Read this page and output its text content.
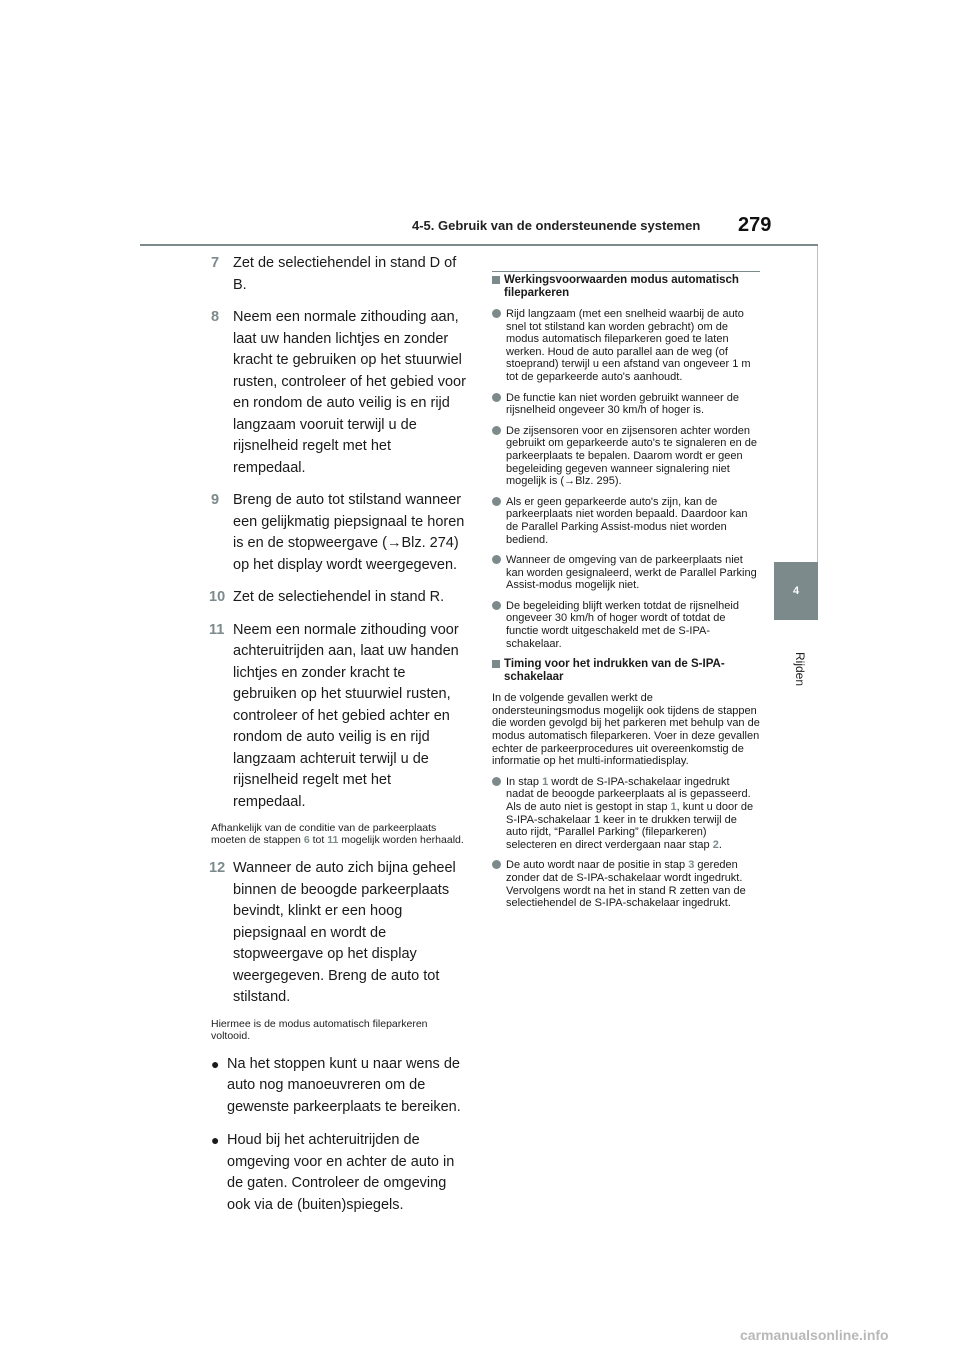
4-5. Gebruik van de ondersteunende systemen 279
4
Rijden
7 Zet de selectiehendel in stand D of B.
8 Neem een normale zithouding aan, laat uw handen lichtjes en zonder kracht te gebruiken op het stuurwiel rusten, controleer of het gebied voor en rondom de auto veilig is en rijd langzaam vooruit terwijl u de rijsnelheid regelt met het rempedaal.
9 Breng de auto tot stilstand wanneer een gelijkmatig piepsignaal te horen is en de stopweergave (→Blz. 274) op het display wordt weergegeven.
10 Zet de selectiehendel in stand R.
11 Neem een normale zithouding voor achteruitrijden aan, laat uw handen lichtjes en zonder kracht te gebruiken op het stuurwiel rusten, controleer of het gebied achter en rondom de auto veilig is en rijd langzaam achteruit terwijl u de rijsnelheid regelt met het rempedaal.
Afhankelijk van de conditie van de parkeerplaats moeten de stappen 6 tot 11 mogelijk worden herhaald.
12 Wanneer de auto zich bijna geheel binnen de beoogde parkeerplaats bevindt, klinkt er een hoog piepsignaal en wordt de stopweergave op het display weergegeven. Breng de auto tot stilstand.
Hiermee is de modus automatisch fileparkeren voltooid.
● Na het stoppen kunt u naar wens de auto nog manoeuvreren om de gewenste parkeerplaats te bereiken.
● Houd bij het achteruitrijden de omgeving voor en achter de auto in de gaten. Controleer de omgeving ook via de (buiten)spiegels.
Werkingsvoorwaarden modus automatisch fileparkeren
Rijd langzaam (met een snelheid waarbij de auto snel tot stilstand kan worden gebracht) om de modus automatisch fileparkeren goed te laten werken. Houd de auto parallel aan de weg (of stoeprand) terwijl u een afstand van ongeveer 1 m tot de geparkeerde auto's aanhoudt.
De functie kan niet worden gebruikt wanneer de rijsnelheid ongeveer 30 km/h of hoger is.
De zijsensoren voor en zijsensoren achter worden gebruikt om geparkeerde auto's te signaleren en de parkeerplaats te bepalen. Daarom wordt er geen begeleiding gegeven wanneer signalering niet mogelijk is (→Blz. 295).
Als er geen geparkeerde auto's zijn, kan de parkeerplaats niet worden bepaald. Daardoor kan de Parallel Parking Assist-modus niet worden bediend.
Wanneer de omgeving van de parkeerplaats niet kan worden gesignaleerd, werkt de Parallel Parking Assist-modus mogelijk niet.
De begeleiding blijft werken totdat de rijsnelheid ongeveer 30 km/h of hoger wordt of totdat de functie wordt uitgeschakeld met de S-IPA-schakelaar.
Timing voor het indrukken van de S-IPA-schakelaar
In de volgende gevallen werkt de ondersteuningsmodus mogelijk ook tijdens de stappen die worden gevolgd bij het parkeren met behulp van de modus automatisch fileparkeren. Voer in deze gevallen echter de parkeerprocedures uit overeenkomstig de informatie op het multi-informatiedisplay.
In stap 1 wordt de S-IPA-schakelaar ingedrukt nadat de beoogde parkeerplaats al is gepasseerd.
Als de auto niet is gestopt in stap 1, kunt u door de S-IPA-schakelaar 1 keer in te drukken terwijl de auto rijdt, “Parallel Parking” (fileparkeren) selecteren en direct verdergaan naar stap 2.
De auto wordt naar de positie in stap 3 gereden zonder dat de S-IPA-schakelaar wordt ingedrukt. Vervolgens wordt na het in stand R zetten van de selectiehendel de S-IPA-schakelaar ingedrukt.
carmanualsonline.info
